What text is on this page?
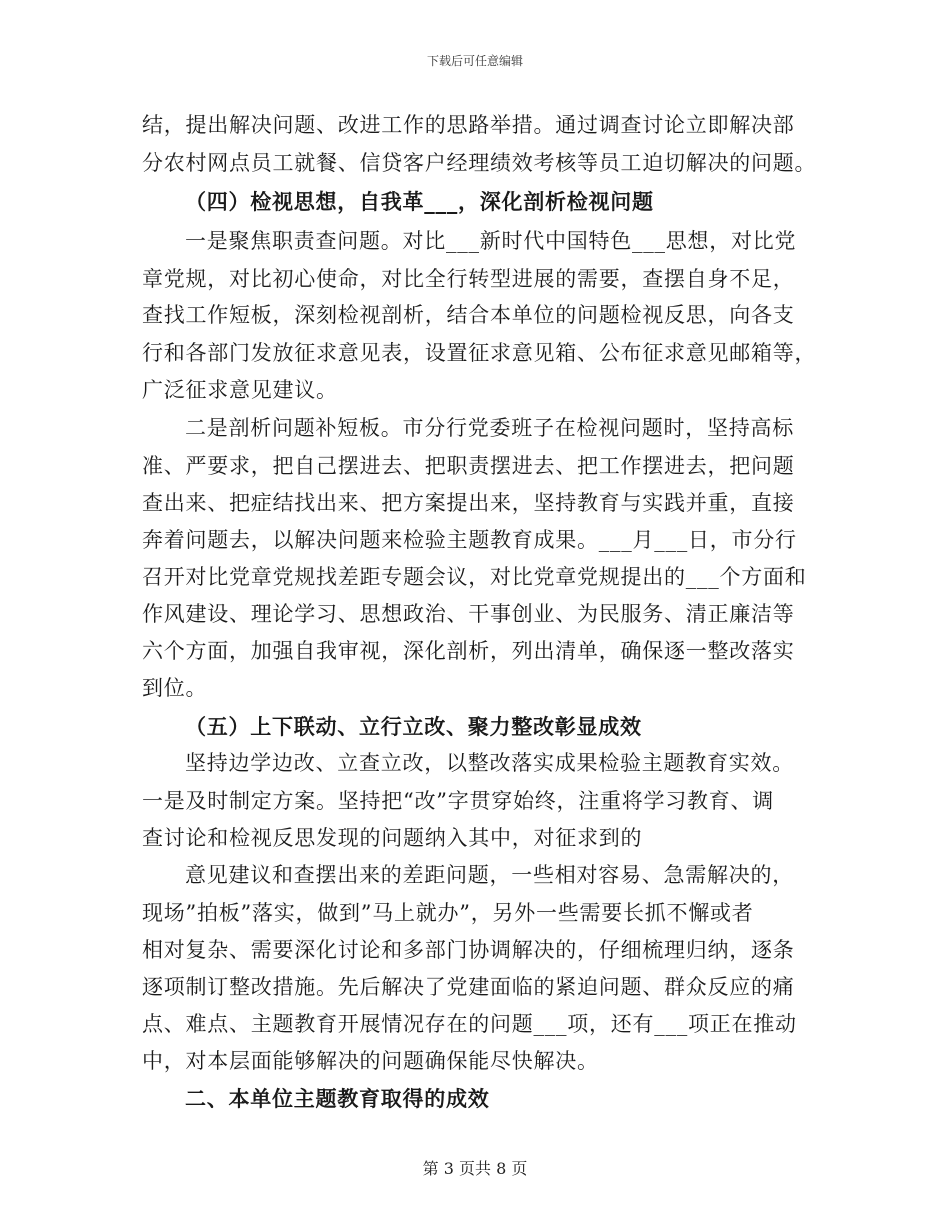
下载后可任意编辑
结，提出解决问题、改进工作的思路举措。通过调查讨论立即解决部
分农村网点员工就餐、信贷客户经理绩效考核等员工迫切解决的问题。
（四）检视思想，自我革___，深化剖析检视问题
一是聚焦职责查问题。对比___新时代中国特色___思想，对比党
章党规，对比初心使命，对比全行转型进展的需要，查摆自身不足，
查找工作短板，深刻检视剖析，结合本单位的问题检视反思，向各支
行和各部门发放征求意见表，设置征求意见箱、公布征求意见邮箱等，
广泛征求意见建议。
二是剖析问题补短板。市分行党委班子在检视问题时，坚持高标
准、严要求，把自己摆进去、把职责摆进去、把工作摆进去，把问题
查出来、把症结找出来、把方案提出来，坚持教育与实践并重，直接
奔着问题去，以解决问题来检验主题教育成果。___月___日，市分行
召开对比党章党规找差距专题会议，对比党章党规提出的___个方面和
作风建设、理论学习、思想政治、干事创业、为民服务、清正廉洁等
六个方面，加强自我审视，深化剖析，列出清单，确保逐一整改落实
到位。
（五）上下联动、立行立改、聚力整改彰显成效
坚持边学边改、立查立改，以整改落实成果检验主题教育实效。
一是及时制定方案。坚持把“改”字贯穿始终，注重将学习教育、调
查讨论和检视反思发现的问题纳入其中，对征求到的
意见建议和查摆出来的差距问题，一些相对容易、急需解决的，
现场”拍板”落实，做到”马上就办”，另外一些需要长抓不懈或者
相对复杂、需要深化讨论和多部门协调解决的，仔细梳理归纳，逐条
逐项制订整改措施。先后解决了党建面临的紧迫问题、群众反应的痛
点、难点、主题教育开展情况存在的问题___项，还有___项正在推动
中，对本层面能够解决的问题确保能尽快解决。
二、本单位主题教育取得的成效
第 3 页共 8 页
